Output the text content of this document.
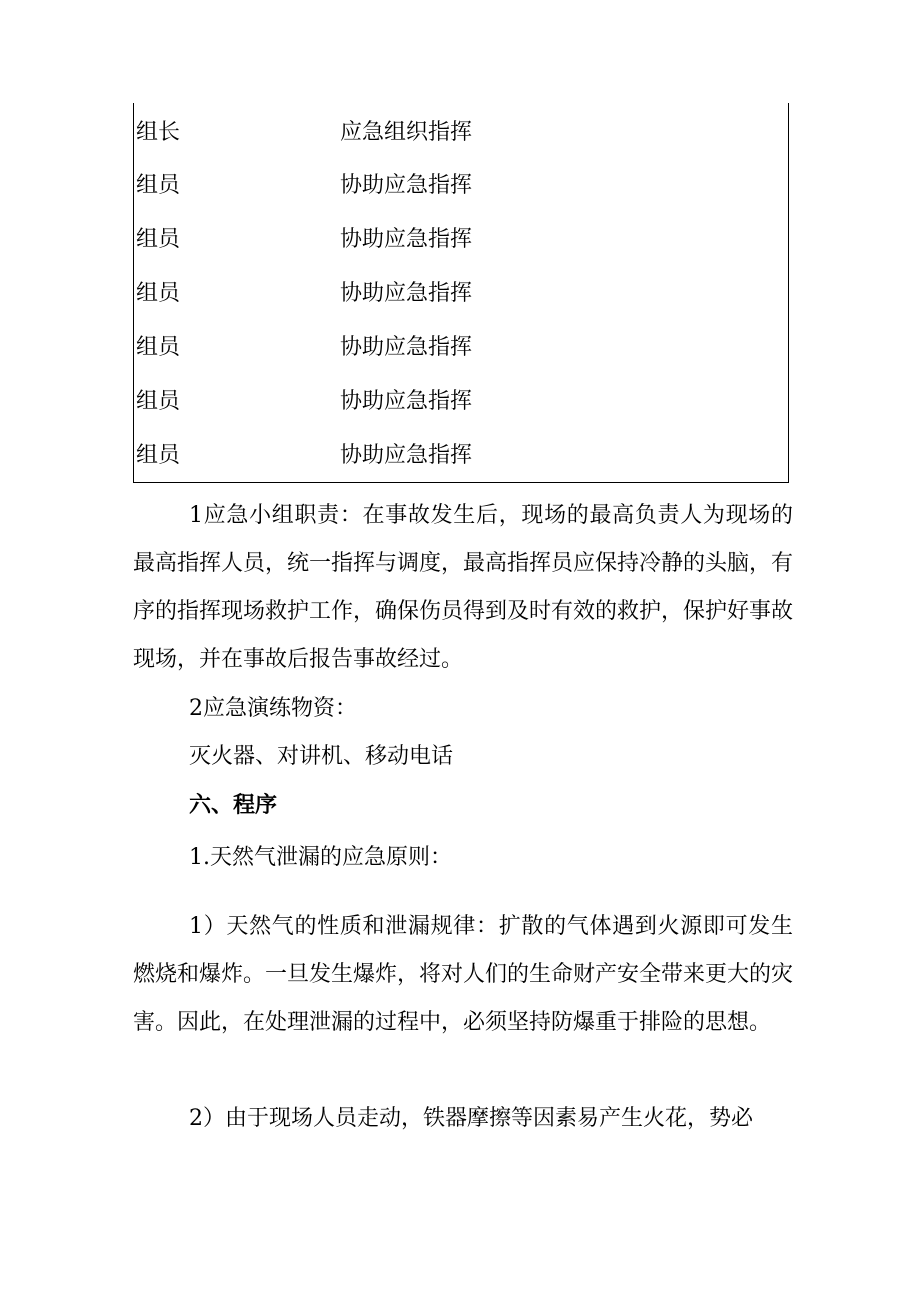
组长	应急组织指挥
组员	协助应急指挥
组员	协助应急指挥
组员	协助应急指挥
组员	协助应急指挥
组员	协助应急指挥
组员	协助应急指挥

1应急小组职责：在事故发生后，现场的最高负责人为现场的最高指挥人员，统一指挥与调度，最高指挥员应保持冷静的头脑，有序的指挥现场救护工作，确保伤员得到及时有效的救护，保护好事故现场，并在事故后报告事故经过。

2应急演练物资：

灭火器、对讲机、移动电话

六、程序

1.天然气泄漏的应急原则：

1）天然气的性质和泄漏规律：扩散的气体遇到火源即可发生燃烧和爆炸。一旦发生爆炸，将对人们的生命财产安全带来更大的灾害。因此，在处理泄漏的过程中，必须坚持防爆重于排险的思想。

2）由于现场人员走动，铁器摩擦等因素易产生火花，势必
